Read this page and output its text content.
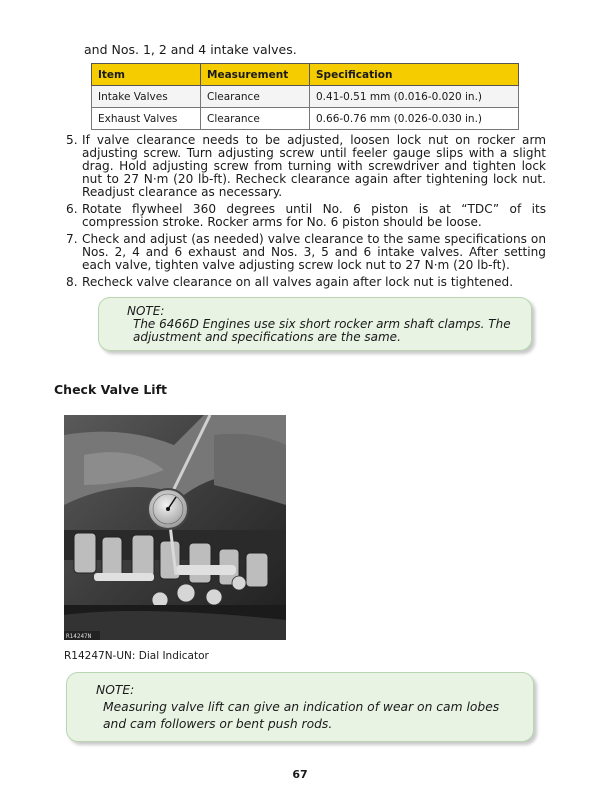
and Nos. 1, 2 and 4 intake valves.
Item	Measurement	Specification
Intake Valves	Clearance	0.41-0.51 mm (0.016-0.020 in.)
Exhaust Valves	Clearance	0.66-0.76 mm (0.026-0.030 in.)
5. If valve clearance needs to be adjusted, loosen lock nut on rocker arm adjusting screw. Turn adjusting screw until feeler gauge slips with a slight drag. Hold adjusting screw from turning with screwdriver and tighten lock nut to 27 N·m (20 lb-ft). Recheck clearance again after tightening lock nut. Readjust clearance as necessary.
6. Rotate flywheel 360 degrees until No. 6 piston is at “TDC” of its compression stroke. Rocker arms for No. 6 piston should be loose.
7. Check and adjust (as needed) valve clearance to the same specifications on Nos. 2, 4 and 6 exhaust and Nos. 3, 5 and 6 intake valves. After setting each valve, tighten valve adjusting screw lock nut to 27 N·m (20 lb-ft).
8. Recheck valve clearance on all valves again after lock nut is tightened.
NOTE:
The 6466D Engines use six short rocker arm shaft clamps. The adjustment and specifications are the same.
Check Valve Lift
R14247N
R14247N-UN: Dial Indicator
NOTE:
Measuring valve lift can give an indication of wear on cam lobes and cam followers or bent push rods.
67
